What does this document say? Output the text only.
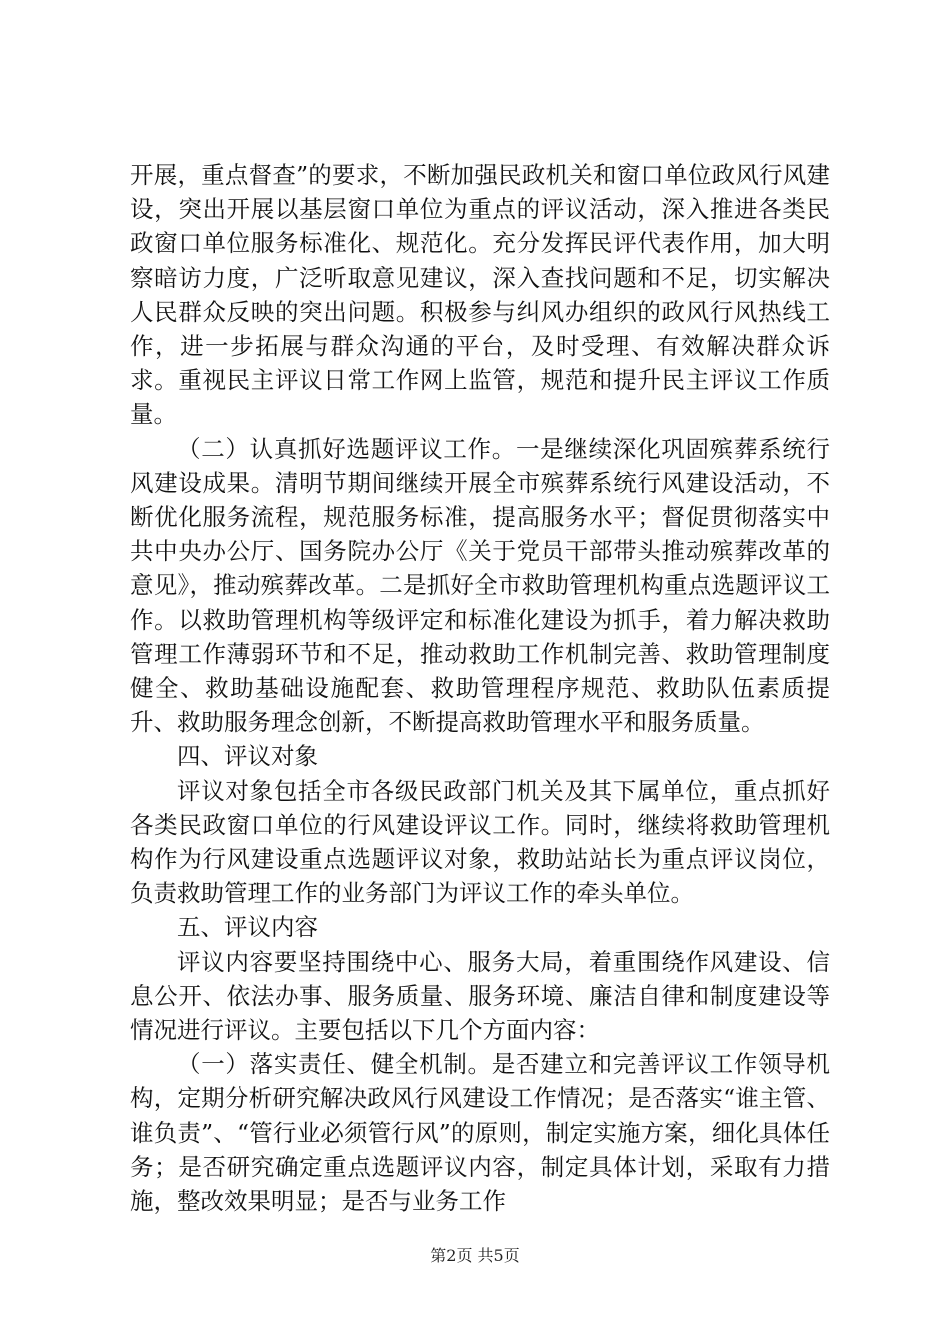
开展，重点督查”的要求，不断加强民政机关和窗口单位政风行风建设，突出开展以基层窗口单位为重点的评议活动，深入推进各类民政窗口单位服务标准化、规范化。充分发挥民评代表作用，加大明察暗访力度，广泛听取意见建议，深入查找问题和不足，切实解决人民群众反映的突出问题。积极参与纠风办组织的政风行风热线工作，进一步拓展与群众沟通的平台，及时受理、有效解决群众诉求。重视民主评议日常工作网上监管，规范和提升民主评议工作质量。

（二）认真抓好选题评议工作。一是继续深化巩固殡葬系统行风建设成果。清明节期间继续开展全市殡葬系统行风建设活动，不断优化服务流程，规范服务标准，提高服务水平；督促贯彻落实中共中央办公厅、国务院办公厅《关于党员干部带头推动殡葬改革的意见》，推动殡葬改革。二是抓好全市救助管理机构重点选题评议工作。以救助管理机构等级评定和标准化建设为抓手，着力解决救助管理工作薄弱环节和不足，推动救助工作机制完善、救助管理制度健全、救助基础设施配套、救助管理程序规范、救助队伍素质提升、救助服务理念创新，不断提高救助管理水平和服务质量。

四、评议对象

评议对象包括全市各级民政部门机关及其下属单位，重点抓好各类民政窗口单位的行风建设评议工作。同时，继续将救助管理机构作为行风建设重点选题评议对象，救助站站长为重点评议岗位，负责救助管理工作的业务部门为评议工作的牵头单位。

五、评议内容

评议内容要坚持围绕中心、服务大局，着重围绕作风建设、信息公开、依法办事、服务质量、服务环境、廉洁自律和制度建设等情况进行评议。主要包括以下几个方面内容：

（一）落实责任、健全机制。是否建立和完善评议工作领导机构，定期分析研究解决政风行风建设工作情况；是否落实“谁主管、谁负责”、“管行业必须管行风”的原则，制定实施方案，细化具体任务；是否研究确定重点选题评议内容，制定具体计划，采取有力措施，整改效果明显；是否与业务工作

第2页 共5页
